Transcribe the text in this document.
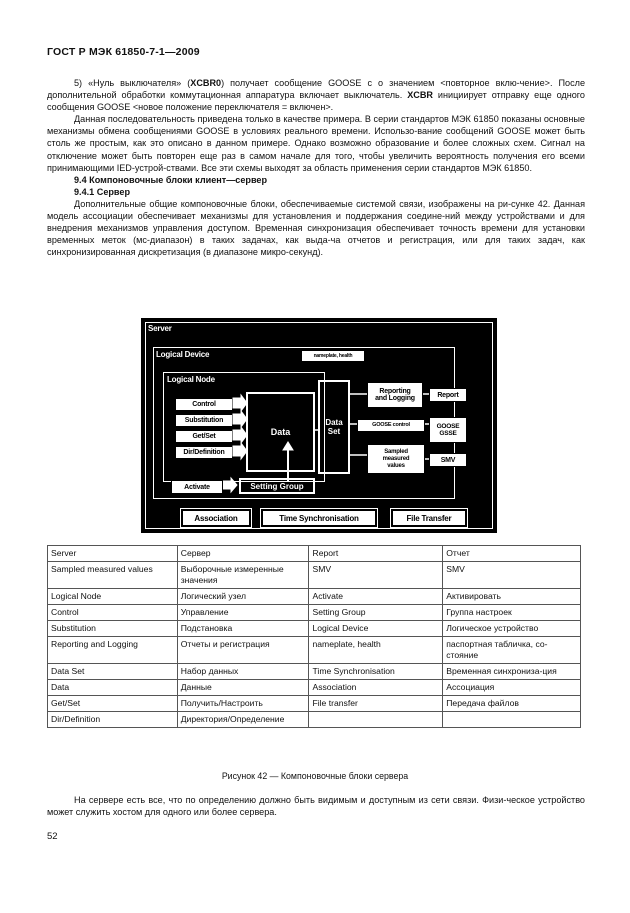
ГОСТ Р МЭК 61850-7-1—2009

5) «Нуль выключателя» (XCBR0) получает сообщение GOOSE с о значением <повторное вклю-чение>. После дополнительной обработки коммутационная аппаратура включает выключатель. XCBR инициирует отправку еще одного сообщения GOOSE <новое положение переключателя = включен>.

Данная последовательность приведена только в качестве примера. В серии стандартов МЭК 61850 показаны основные механизмы обмена сообщениями GOOSE в условиях реального времени. Использо-вание сообщений GOOSE может быть столь же простым, как это описано в данном примере. Однако возможно образование и более сложных схем. Сигнал на отключение может быть повторен еще раз в самом начале для того, чтобы увеличить вероятность получения его всеми принимающими IED-устрой-ствами. Все эти схемы выходят за область применения серии стандартов МЭК 61850.

9.4 Компоновочные блоки клиент—сервер

9.4.1 Сервер

Дополнительные общие компоновочные блоки, обеспечиваемые системой связи, изображены на ри-сунке 42. Данная модель ассоциации обеспечивает механизмы для установления и поддержания соедине-ний между устройствами и для внедрения механизмов управления доступом. Временная синхронизация обеспечивает точность времени для установки временных меток (мс-диапазон) в таких задачах, как выда-ча отчетов и регистрация, или для таких задач, как синхронизированная дискретизация (в диапазоне микро-секунд).

Server
Logical Device	nameplate, health
Logical Node
Control
Substitution
Get/Set
Dir/Definition
Data
Data
Set
Reporting
and Logging	Report
GOOSE control	GOOSE
GSSE
Sampled
measured
values
SMV
Activate	Setting Group
Association	Time Synchronisation	File Transfer
Server	Сервер	Report	Отчет
Sampled measured values	Выборочные измеренные значения	SMV	SMV
Logical Node	Логический узел	Activate	Активировать
Control	Управление	Setting Group	Группа настроек
Substitution	Подстановка	Logical Device	Логическое устройство
Reporting and Logging	Отчеты и регистрация	nameplate, health	паспортная табличка, со-стояние
Data Set	Набор данных	Time Synchronisation	Временная синхрониза-ция
Data	Данные	Association	Ассоциация
Get/Set	Получить/Настроить	File transfer	Передача файлов
Dir/Definition	Директория/Определение		
Рисунок 42 — Компоновочные блоки сервера

На сервере есть все, что по определению должно быть видимым и доступным из сети связи. Физи-ческое устройство может служить хостом для одного или более сервера.

52
